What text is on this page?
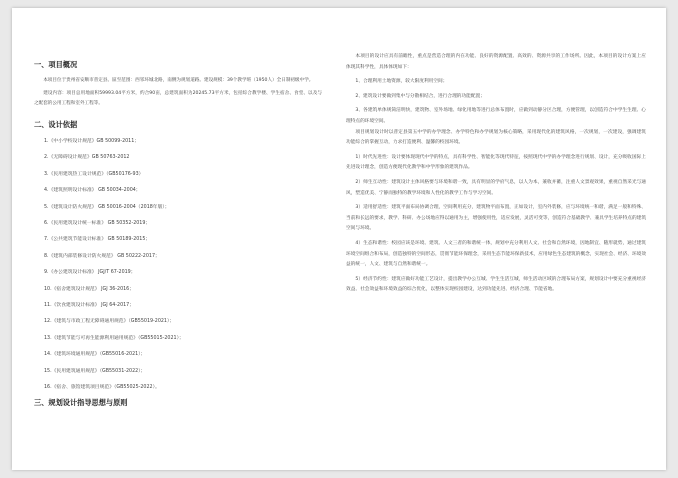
一、项目概况

本项目位于贵州省安顺市普定县。區至范围：西邻环城北路，南侧为规划道路。建设规模：39个教学班（1950人）全日制初级中学。

建设内容：项目总用地面积59993.04平方米，约合90亩，总建筑面积为20245.73平方米，包括综合教学楼、学生宿舍、食堂、以及与之配套的公用工程和室外工程等。

二、设计依据

1.《中小学校设计规范》GB 50099-2011；

2.《无障碍设计规范》GB 50763-2012

3.《民用建筑热工设计规范》（GB50176-93）

4.《建筑照明设计标准》 GB 50034-2004；

5.《建筑设计防火规范》 GB 50016-2004（2018年版）；

6.《民用建筑设计统一标准》 GB 50352-2019；

7.《公共建筑节能设计标准》 GB 50189-2015；

8.《建筑内部装修设计防火规范》 GB 50222-2017；

9.《办公建筑设计标准》 JGJ/T 67-2019；

10.《宿舍建筑设计规范》 JGJ 36-2016；

11.《饮食建筑设计标准》 JGJ 64-2017；

12.《建筑与市政工程无障碍通用规范》（GB55019-2021）；

13.《建筑节能与可再生能源利用通用规范》（GB55015-2021）；

14.《建筑环境通用规范》（GB55016-2021）；

15.《民用建筑通用规范》（GB55031-2022）；

16.《宿舍、旅馆建筑项目规范》（GB55025-2022）。

三、规划设计指导思想与原则

本项目的设计应具有前瞻性，重点是营造合理的内在功能、良好的资源配置、高效的、资源共享的工作场所。因此，本项目的设计方案上应体现其科学性，具体体现如下：

1、合理利用土地资源，较大限度利用空间；

2、建筑设计要做到集中与分散相结合，进行合理的功能配置；

3、各建筑单体规简洁明快，建筑物、室外场地、绿化用地等进行总体布置时，应做到动静分区合理，方便管理，以创造符合中学生生理、心理特点的环境空间。

项目规划设计时以普定县第五中学的办学理念、办学特色和办学规划为核心策略，采用现代化的建筑风格，一次规划，一次建设，强调建筑功能综合的掌握互动，力求打造便利、温馨的校园环境。

1）时代先进性：设计要体现现代中学的特点，具有科学性、智能化等现代特征，按照现代中学的办学理念进行规划、设计，充分吸收国际上先进设计理念，创造方便现代化教学和中学形象的建筑作品。

2）师生互动性：建筑设计主体风格要与环境和谐一致，具有明显的学府气息，以人为本，兼收并蓄，注重人文景观效果，重视自然采光与通风，塑造优美、宁静而独特的教学环境和人性化的教学工作与学习空间。

3）适用舒适性：建筑平面布局协调合理，空间利用充分，建筑物平面布置，正如设计，室内外装修，应与环境统一和谐，满足一般和特殊、当前和长远的要求，教学、科研、办公场地应得以通用为主，增强使用性，适应发展，灵活可变等，创造符合基础教学、兼具学生培养特点的建筑空间与环境。

4）生态和谐性：校园应该是环境、建筑、人文三者的和谐统一体，规划中充分利用人文、社会和自然环境，因地制宜、随形就势，通过建筑环境空间组合和布局，创造独特的空间形态，贯彻节能环保理念，采用生态节能环保新技术，应用绿色生态建筑的概念，实现社会、经济、环境效益的统一，人文、建筑与自然和谐统一。

5）经济节约性：建筑应做好功能工艺设计，提出教学办公互城、学生生活互城，师生活动区域的合理布局方案，规划设计中要充分重视经济效益、社会效益和环境效益的综合优化，以整体实现校园建设，达到功能先进、经济合理、节能省地。
